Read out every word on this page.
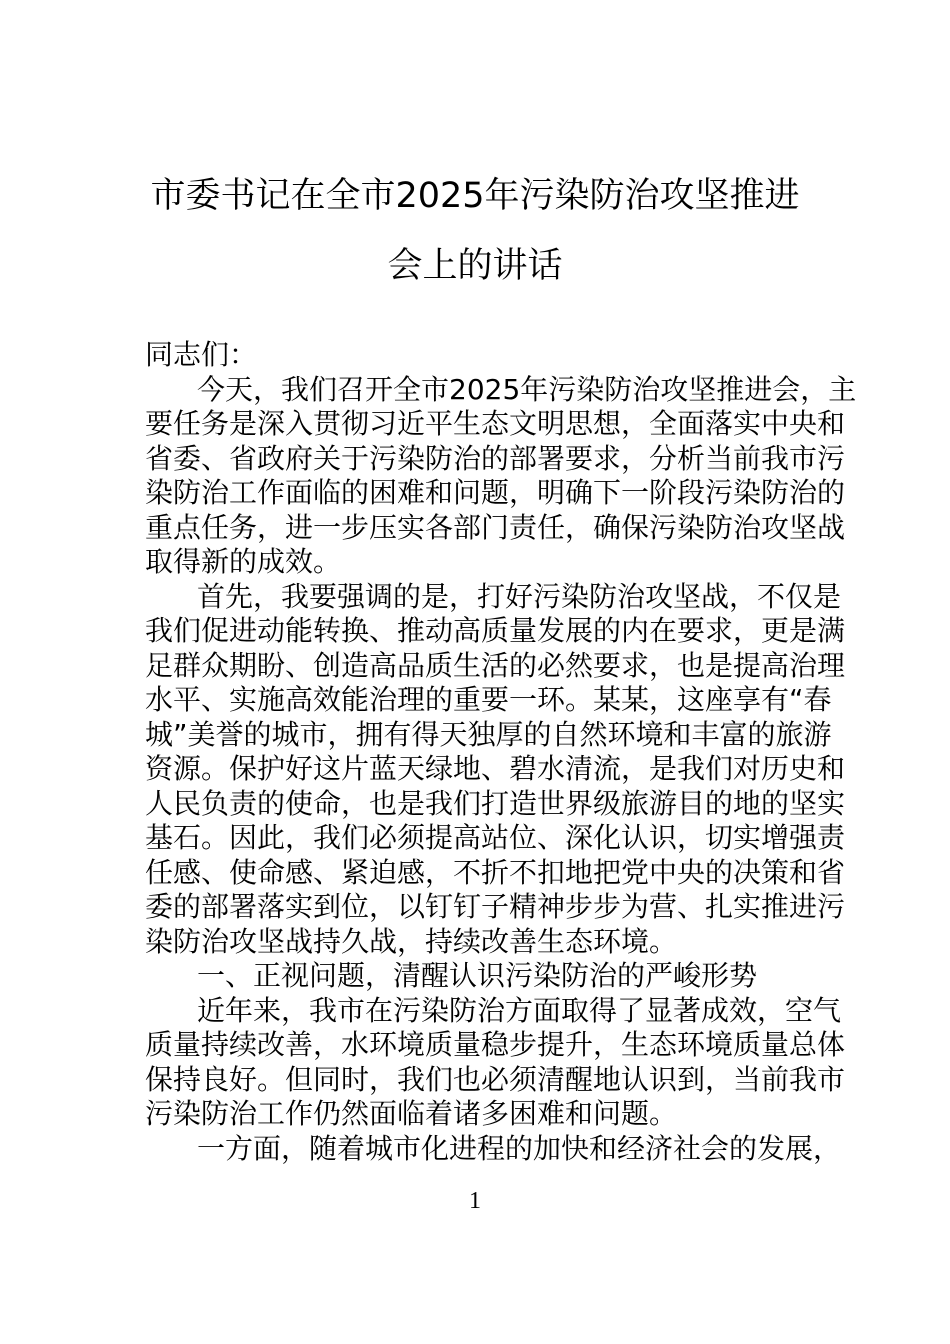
市委书记在全市2025年污染防治攻坚推进
会上的讲话
同志们：
今天，我们召开全市2025年污染防治攻坚推进会，主
要任务是深入贯彻习近平生态文明思想，全面落实中央和
省委、省政府关于污染防治的部署要求，分析当前我市污
染防治工作面临的困难和问题，明确下一阶段污染防治的
重点任务，进一步压实各部门责任，确保污染防治攻坚战
取得新的成效。
首先，我要强调的是，打好污染防治攻坚战，不仅是
我们促进动能转换、推动高质量发展的内在要求，更是满
足群众期盼、创造高品质生活的必然要求，也是提高治理
水平、实施高效能治理的重要一环。某某，这座享有“春
城”美誉的城市，拥有得天独厚的自然环境和丰富的旅游
资源。保护好这片蓝天绿地、碧水清流，是我们对历史和
人民负责的使命，也是我们打造世界级旅游目的地的坚实
基石。因此，我们必须提高站位、深化认识，切实增强责
任感、使命感、紧迫感，不折不扣地把党中央的决策和省
委的部署落实到位，以钉钉子精神步步为营、扎实推进污
染防治攻坚战持久战，持续改善生态环境。
一、正视问题，清醒认识污染防治的严峻形势
近年来，我市在污染防治方面取得了显著成效，空气
质量持续改善，水环境质量稳步提升，生态环境质量总体
保持良好。但同时，我们也必须清醒地认识到，当前我市
污染防治工作仍然面临着诸多困难和问题。
一方面，随着城市化进程的加快和经济社会的发展，
1
